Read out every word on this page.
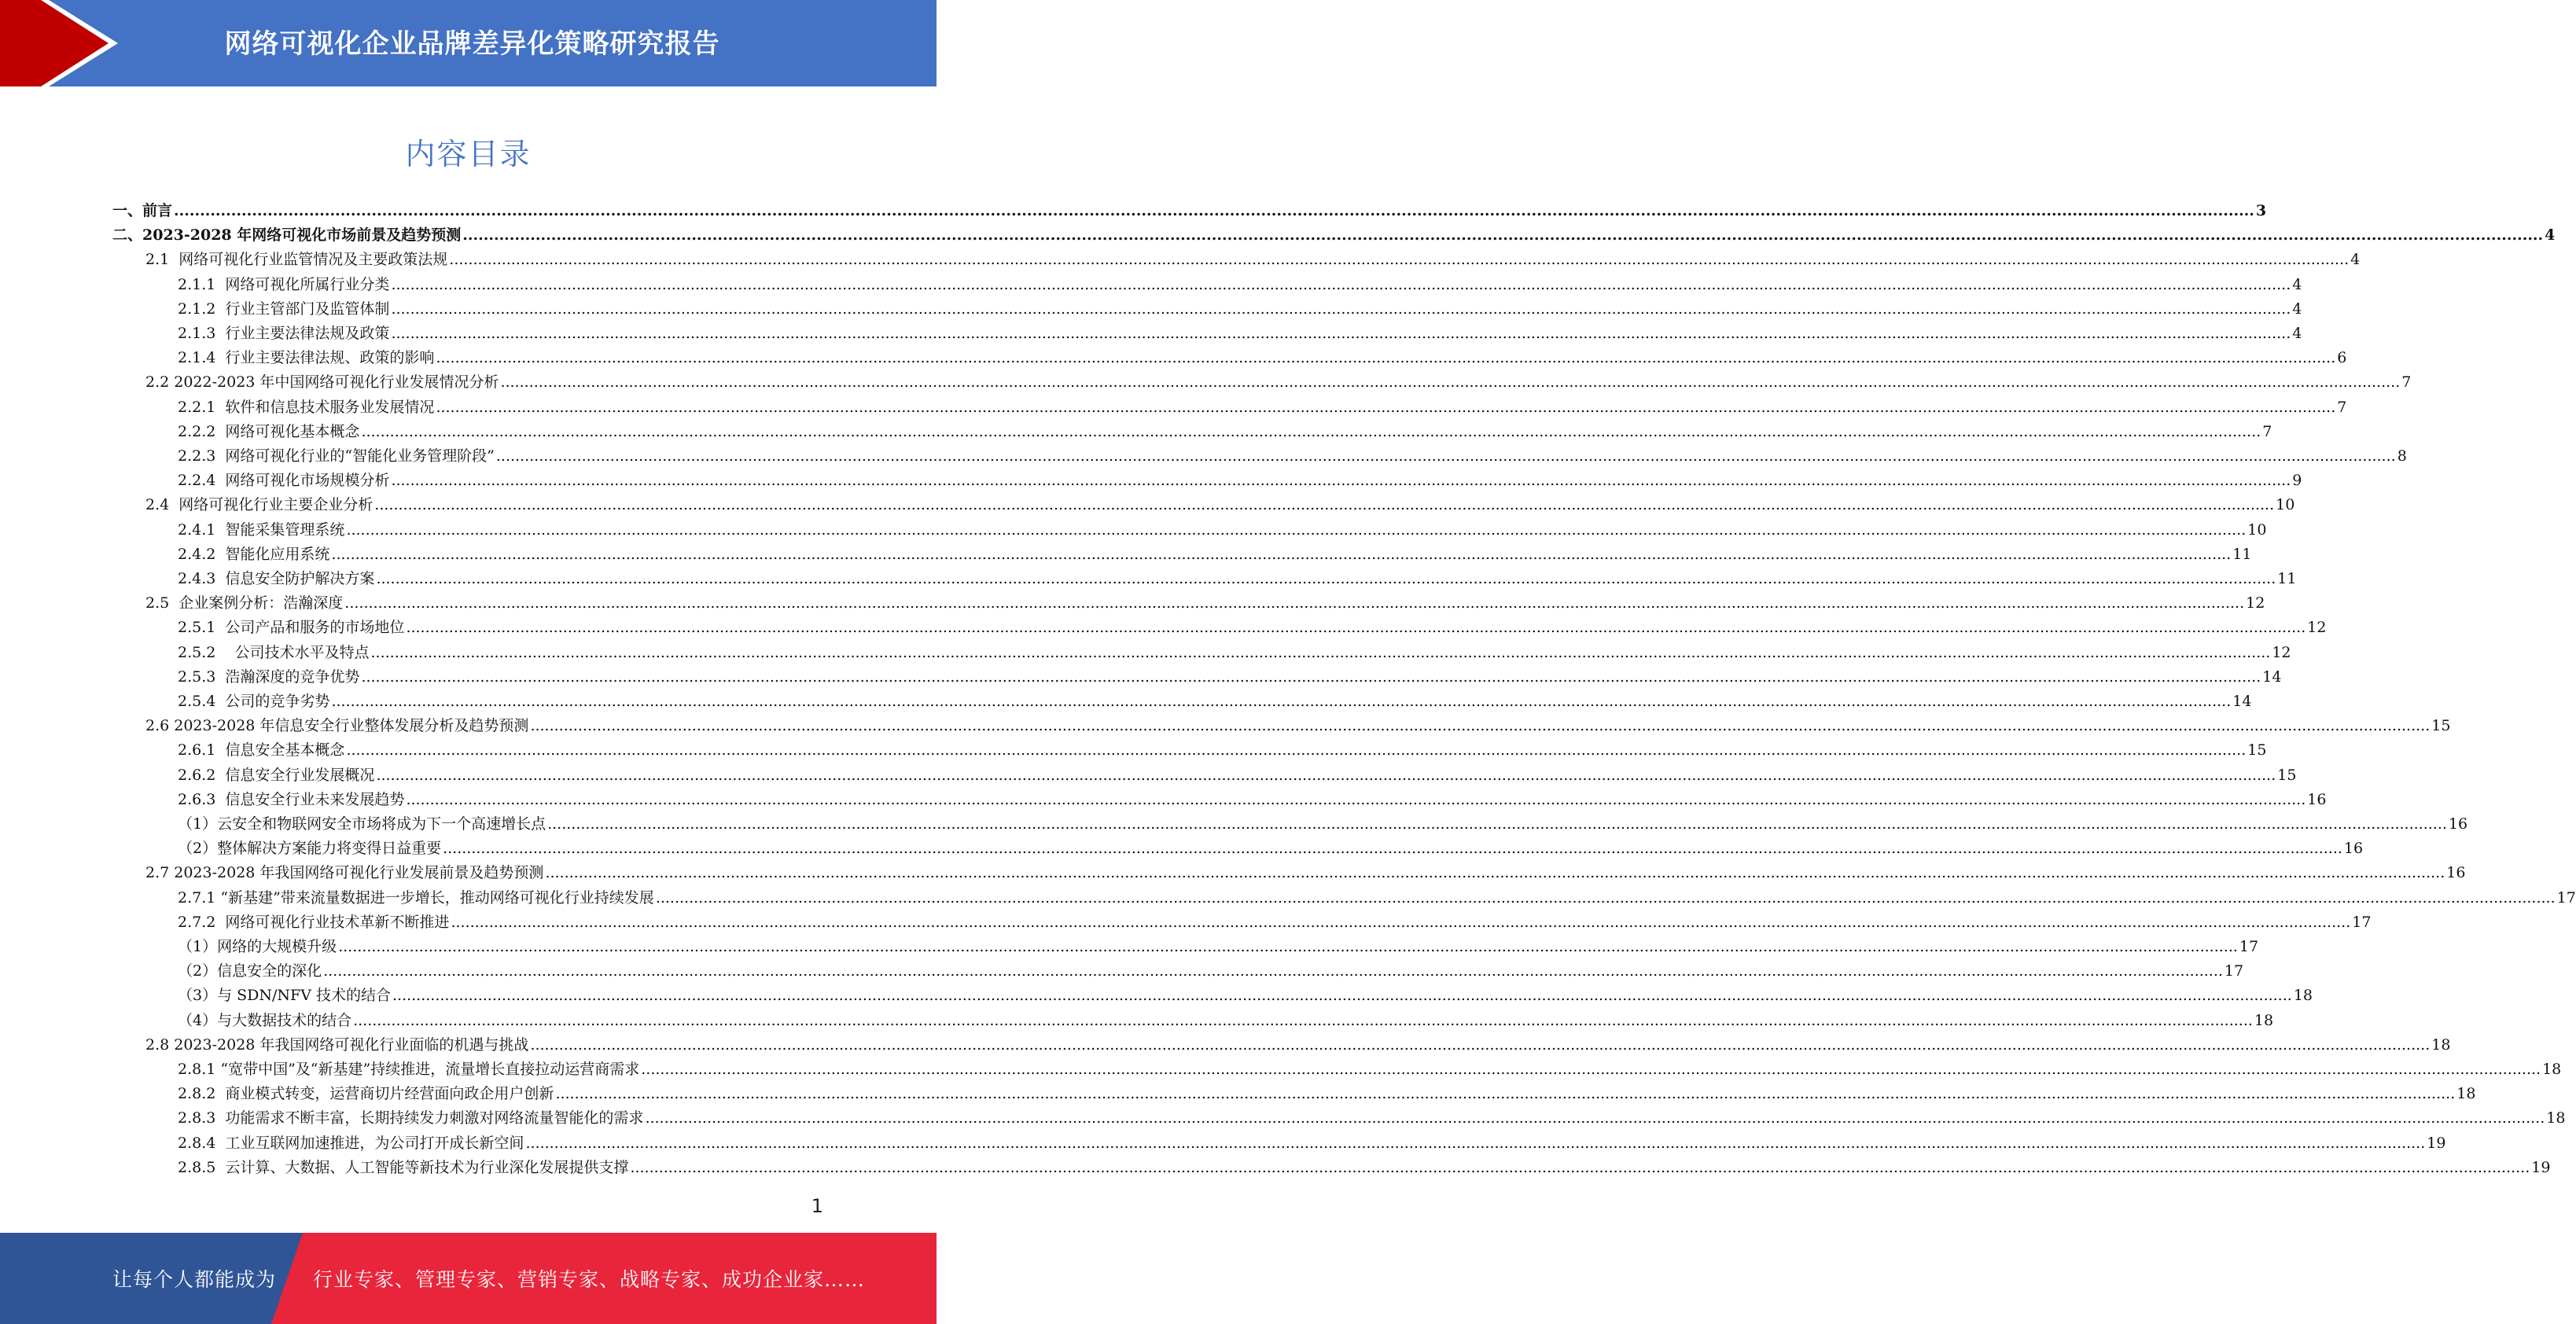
网络可视化企业品牌差异化策略研究报告
内容目录
一、前言 ................................................................................................................................................................................................................................................................................................................................................................................................................ 3
二、2023-2028 年网络可视化市场前景及趋势预测 ................................................................................................................................................................................................................................................................................................................................................................................................................ 4
2.1  网络可视化行业监管情况及主要政策法规 ................................................................................................................................................................................................................................................................................................................................................................................................................ 4
2.1.1  网络可视化所属行业分类 ................................................................................................................................................................................................................................................................................................................................................................................................................ 4
2.1.2  行业主管部门及监管体制 ................................................................................................................................................................................................................................................................................................................................................................................................................ 4
2.1.3  行业主要法律法规及政策 ................................................................................................................................................................................................................................................................................................................................................................................................................ 4
2.1.4  行业主要法律法规、政策的影响 ................................................................................................................................................................................................................................................................................................................................................................................................................ 6
2.2 2022-2023 年中国网络可视化行业发展情况分析 ................................................................................................................................................................................................................................................................................................................................................................................................................ 7
2.2.1  软件和信息技术服务业发展情况 ................................................................................................................................................................................................................................................................................................................................................................................................................ 7
2.2.2  网络可视化基本概念 ................................................................................................................................................................................................................................................................................................................................................................................................................ 7
2.2.3  网络可视化行业的“智能化业务管理阶段” ................................................................................................................................................................................................................................................................................................................................................................................................................ 8
2.2.4  网络可视化市场规模分析 ................................................................................................................................................................................................................................................................................................................................................................................................................ 9
2.4  网络可视化行业主要企业分析 ................................................................................................................................................................................................................................................................................................................................................................................................................ 10
2.4.1  智能采集管理系统 ................................................................................................................................................................................................................................................................................................................................................................................................................ 10
2.4.2  智能化应用系统 ................................................................................................................................................................................................................................................................................................................................................................................................................ 11
2.4.3  信息安全防护解决方案 ................................................................................................................................................................................................................................................................................................................................................................................................................ 11
2.5  企业案例分析：浩瀚深度 ................................................................................................................................................................................................................................................................................................................................................................................................................ 12
2.5.1  公司产品和服务的市场地位 ................................................................................................................................................................................................................................................................................................................................................................................................................ 12
2.5.2    公司技术水平及特点 ................................................................................................................................................................................................................................................................................................................................................................................................................ 12
2.5.3  浩瀚深度的竞争优势 ................................................................................................................................................................................................................................................................................................................................................................................................................ 14
2.5.4  公司的竞争劣势 ................................................................................................................................................................................................................................................................................................................................................................................................................ 14
2.6 2023-2028 年信息安全行业整体发展分析及趋势预测 ................................................................................................................................................................................................................................................................................................................................................................................................................ 15
2.6.1  信息安全基本概念 ................................................................................................................................................................................................................................................................................................................................................................................................................ 15
2.6.2  信息安全行业发展概况 ................................................................................................................................................................................................................................................................................................................................................................................................................ 15
2.6.3  信息安全行业未来发展趋势 ................................................................................................................................................................................................................................................................................................................................................................................................................ 16
（1）云安全和物联网安全市场将成为下一个高速增长点 ................................................................................................................................................................................................................................................................................................................................................................................................................ 16
（2）整体解决方案能力将变得日益重要 ................................................................................................................................................................................................................................................................................................................................................................................................................ 16
2.7 2023-2028 年我国网络可视化行业发展前景及趋势预测 ................................................................................................................................................................................................................................................................................................................................................................................................................ 16
2.7.1 “新基建”带来流量数据进一步增长，推动网络可视化行业持续发展 ................................................................................................................................................................................................................................................................................................................................................................................................................ 17
2.7.2  网络可视化行业技术革新不断推进 ................................................................................................................................................................................................................................................................................................................................................................................................................ 17
（1）网络的大规模升级 ................................................................................................................................................................................................................................................................................................................................................................................................................ 17
（2）信息安全的深化 ................................................................................................................................................................................................................................................................................................................................................................................................................ 17
（3）与 SDN/NFV 技术的结合 ................................................................................................................................................................................................................................................................................................................................................................................................................ 18
（4）与大数据技术的结合 ................................................................................................................................................................................................................................................................................................................................................................................................................ 18
2.8 2023-2028 年我国网络可视化行业面临的机遇与挑战 ................................................................................................................................................................................................................................................................................................................................................................................................................ 18
2.8.1 “宽带中国”及“新基建”持续推进，流量增长直接拉动运营商需求 ................................................................................................................................................................................................................................................................................................................................................................................................................ 18
2.8.2  商业模式转变，运营商切片经营面向政企用户创新 ................................................................................................................................................................................................................................................................................................................................................................................................................ 18
2.8.3  功能需求不断丰富，长期持续发力刺激对网络流量智能化的需求 ................................................................................................................................................................................................................................................................................................................................................................................................................ 18
2.8.4  工业互联网加速推进，为公司打开成长新空间 ................................................................................................................................................................................................................................................................................................................................................................................................................ 19
2.8.5  云计算、大数据、人工智能等新技术为行业深化发展提供支撑 ................................................................................................................................................................................................................................................................................................................................................................................................................ 19
1
让每个人都能成为 行业专家、管理专家、营销专家、战略专家、成功企业家……
